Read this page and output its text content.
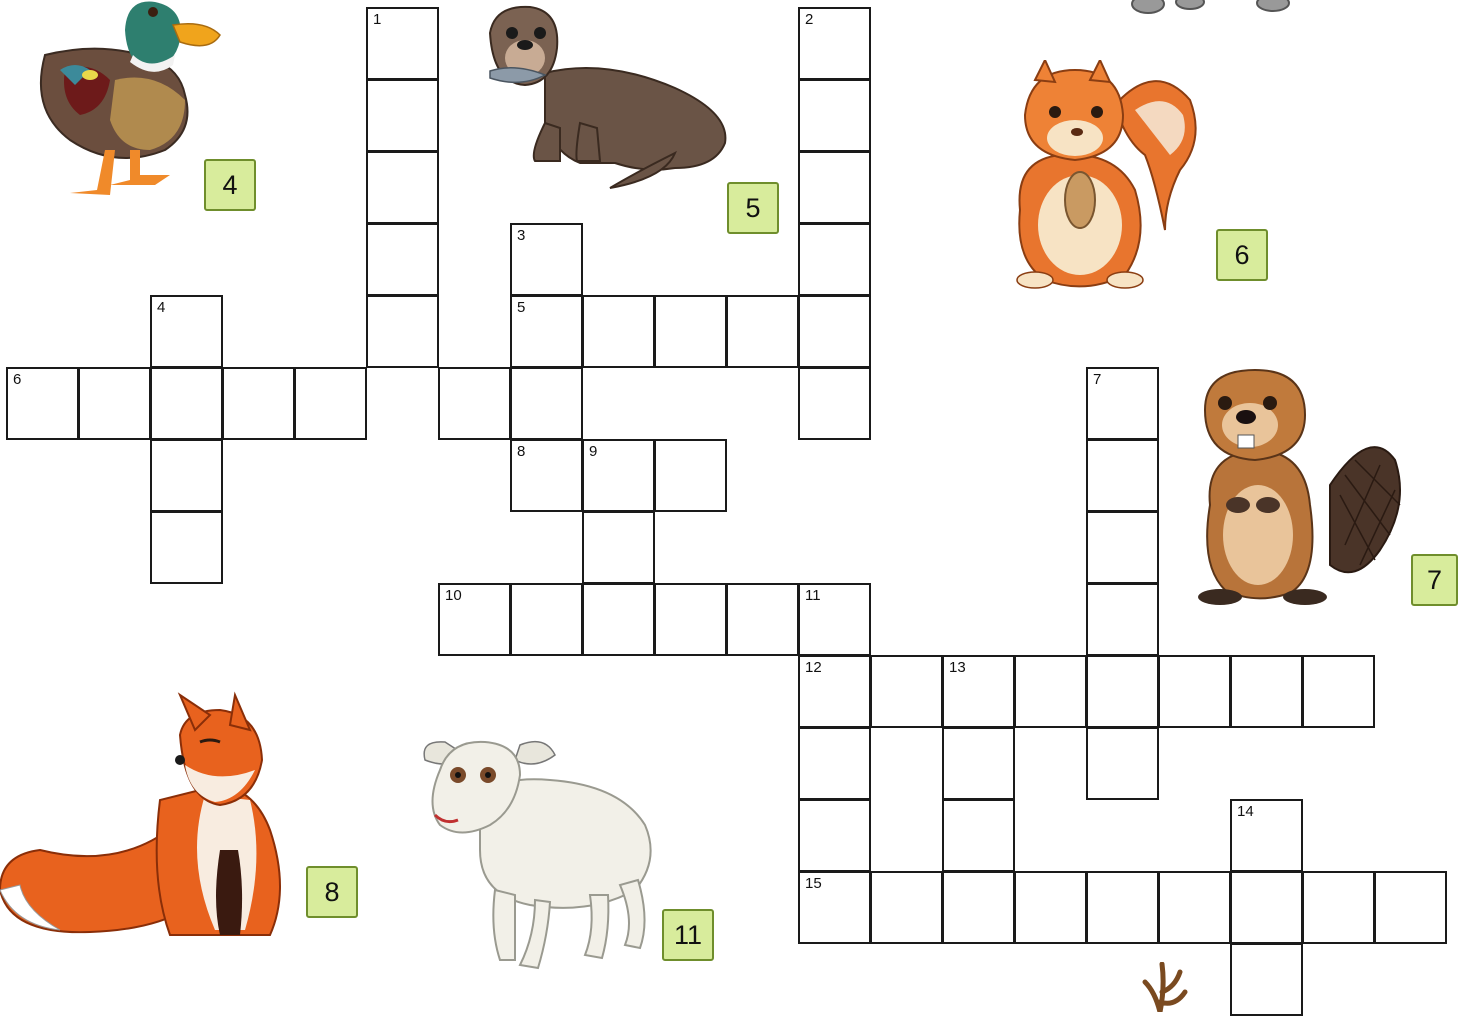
1	2
3
5
4
6	7
8	9
10	11
12	13
14
15
4
5
6
7
8
11
